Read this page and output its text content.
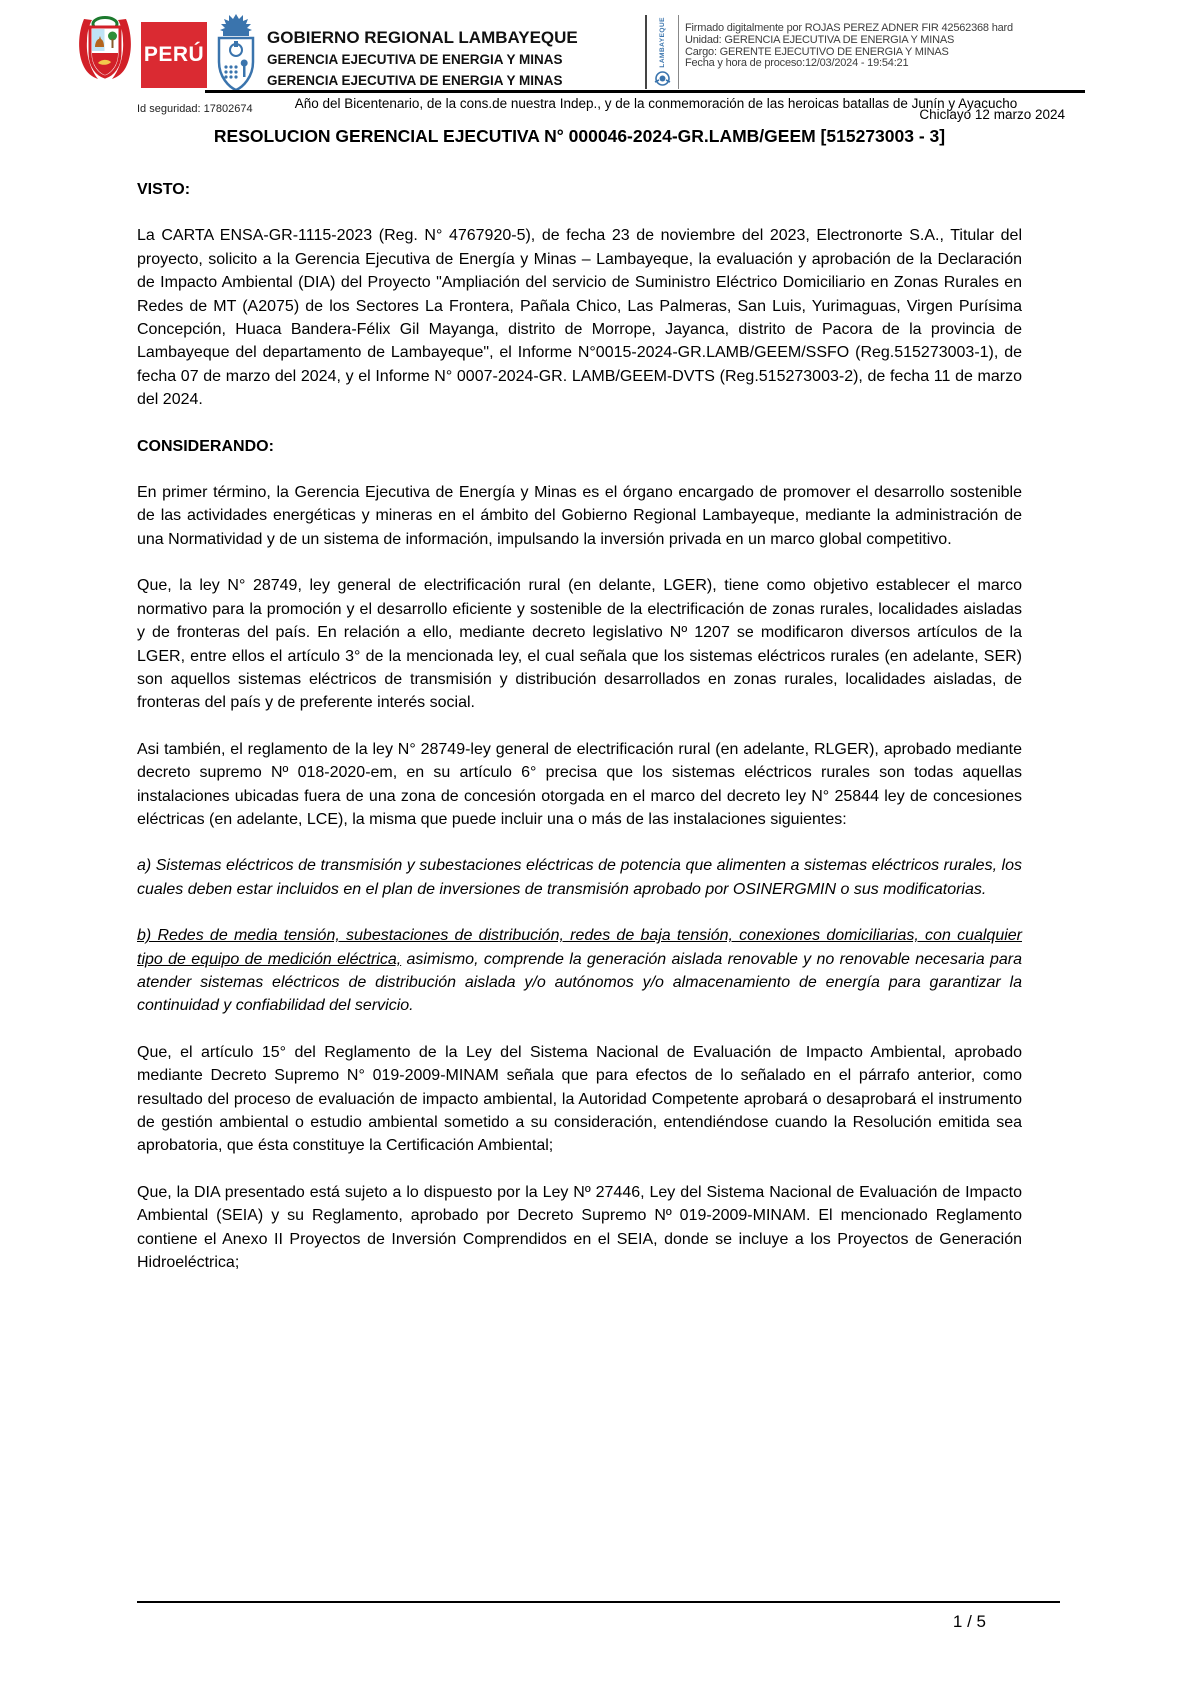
PERÚ
GOBIERNO REGIONAL LAMBAYEQUE
GERENCIA EJECUTIVA DE ENERGIA Y MINAS
GERENCIA EJECUTIVA DE ENERGIA Y MINAS
LAMBAYEQUE Firmado digitalmente por ROJAS PEREZ ADNER FIR 42562368 hard
Unidad: GERENCIA EJECUTIVA DE ENERGIA Y MINAS
Cargo: GERENTE EJECUTIVO DE ENERGIA Y MINAS
Fecha y hora de proceso:12/03/2024 - 19:54:21
Id seguridad: 17802674	Año del Bicentenario, de la cons.de nuestra Indep., y de la conmemoración de las heroicas batallas de Junín y Ayacucho
Chiclayo 12 marzo 2024
RESOLUCION GERENCIAL EJECUTIVA N° 000046-2024-GR.LAMB/GEEM [515273003 - 3]
VISTO:

La CARTA ENSA-GR-1115-2023 (Reg. N° 4767920-5), de fecha 23 de noviembre del 2023, Electronorte S.A., Titular del proyecto, solicito a la Gerencia Ejecutiva de Energía y Minas – Lambayeque, la evaluación y aprobación de la Declaración de Impacto Ambiental (DIA) del Proyecto "Ampliación del servicio de Suministro Eléctrico Domiciliario en Zonas Rurales en Redes de MT (A2075) de los Sectores La Frontera, Pañala Chico, Las Palmeras, San Luis, Yurimaguas, Virgen Purísima Concepción, Huaca Bandera-Félix Gil Mayanga, distrito de Morrope, Jayanca, distrito de Pacora de la provincia de Lambayeque del departamento de Lambayeque", el Informe N°0015-2024-GR.LAMB/GEEM/SSFO (Reg.515273003-1), de fecha 07 de marzo del 2024, y el Informe N° 0007-2024-GR. LAMB/GEEM-DVTS (Reg.515273003-2), de fecha 11 de marzo del 2024.

CONSIDERANDO:

En primer término, la Gerencia Ejecutiva de Energía y Minas es el órgano encargado de promover el desarrollo sostenible de las actividades energéticas y mineras en el ámbito del Gobierno Regional Lambayeque, mediante la administración de una Normatividad y de un sistema de información, impulsando la inversión privada en un marco global competitivo.

Que, la ley N° 28749, ley general de electrificación rural (en delante, LGER), tiene como objetivo establecer el marco normativo para la promoción y el desarrollo eficiente y sostenible de la electrificación de zonas rurales, localidades aisladas y de fronteras del país. En relación a ello, mediante decreto legislativo Nº 1207 se modificaron diversos artículos de la LGER, entre ellos el artículo 3° de la mencionada ley, el cual señala que los sistemas eléctricos rurales (en adelante, SER) son aquellos sistemas eléctricos de transmisión y distribución desarrollados en zonas rurales, localidades aisladas, de fronteras del país y de preferente interés social.

Asi también, el reglamento de la ley N° 28749-ley general de electrificación rural (en adelante, RLGER), aprobado mediante decreto supremo Nº 018-2020-em, en su artículo 6° precisa que los sistemas eléctricos rurales son todas aquellas instalaciones ubicadas fuera de una zona de concesión otorgada en el marco del decreto ley N° 25844 ley de concesiones eléctricas (en adelante, LCE), la misma que puede incluir una o más de las instalaciones siguientes:

a) Sistemas eléctricos de transmisión y subestaciones eléctricas de potencia que alimenten a sistemas eléctricos rurales, los cuales deben estar incluidos en el plan de inversiones de transmisión aprobado por OSINERGMIN o sus modificatorias.

b) Redes de media tensión, subestaciones de distribución, redes de baja tensión, conexiones domiciliarias, con cualquier tipo de equipo de medición eléctrica, asimismo, comprende la generación aislada renovable y no renovable necesaria para atender sistemas eléctricos de distribución aislada y/o autónomos y/o almacenamiento de energía para garantizar la continuidad y confiabilidad del servicio.

Que, el artículo 15° del Reglamento de la Ley del Sistema Nacional de Evaluación de Impacto Ambiental, aprobado mediante Decreto Supremo N° 019-2009-MINAM señala que para efectos de lo señalado en el párrafo anterior, como resultado del proceso de evaluación de impacto ambiental, la Autoridad Competente aprobará o desaprobará el instrumento de gestión ambiental o estudio ambiental sometido a su consideración, entendiéndose cuando la Resolución emitida sea aprobatoria, que ésta constituye la Certificación Ambiental;

Que, la DIA presentado está sujeto a lo dispuesto por la Ley Nº 27446, Ley del Sistema Nacional de Evaluación de Impacto Ambiental (SEIA) y su Reglamento, aprobado por Decreto Supremo Nº 019-2009-MINAM. El mencionado Reglamento contiene el Anexo II Proyectos de Inversión Comprendidos en el SEIA, donde se incluye a los Proyectos de Generación Hidroeléctrica;

1 / 5
